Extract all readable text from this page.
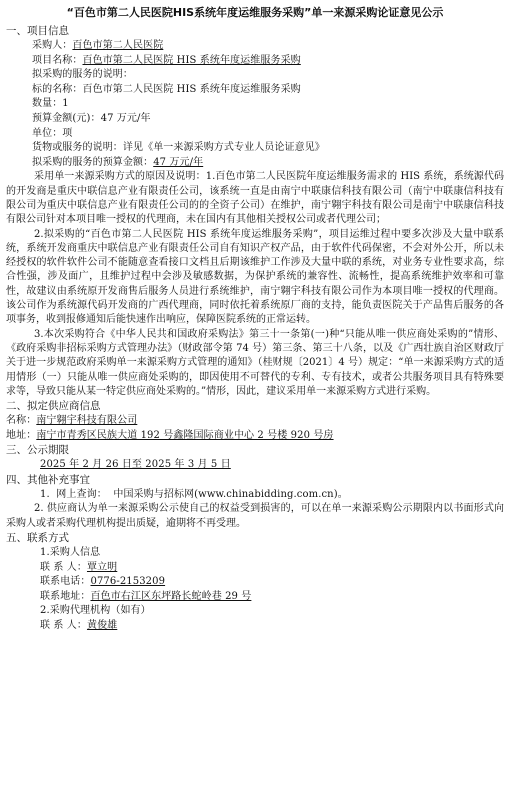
“百色市第二人民医院HIS系统年度运维服务采购”单一来源采购论证意见公示
一、项目信息
采购人：百色市第二人民医院
项目名称：百色市第二人民医院 HIS 系统年度运维服务采购
拟采购的服务的说明：
标的名称：百色市第二人民医院 HIS 系统年度运维服务采购
数量：1
预算金额(元)：47 万元/年
单位：项
货物或服务的说明：详见《单一来源采购方式专业人员论证意见》
拟采购的服务的预算金额：47 万元/年
采用单一来源采购方式的原因及说明：1.百色市第二人民医院年度运维服务需求的 HIS 系统，系统源代码的开发商是重庆中联信息产业有限责任公司，该系统一直是由南宁中联康信科技有限公司（南宁中联康信科技有限公司为重庆中联信息产业有限责任公司的的全资子公司）在维护，南宁翱宇科技有限公司是南宁中联康信科技有限公司针对本项目唯一授权的代理商，未在国内有其他相关授权公司或者代理公司；
2.拟采购的“百色市第二人民医院 HIS 系统年度运维服务采购”，项目运维过程中要多次涉及大量中联系统，系统开发商重庆中联信息产业有限责任公司自有知识产权产品，由于软件代码保密，不会对外公开，所以未经授权的软件软件公司不能随意查看接口文档且后期该维护工作涉及大量中联的系统，对业务专业性要求高，综合性强，涉及面广，且维护过程中会涉及敏感数据，为保护系统的兼容性、流畅性，提高系统维护效率和可靠性，故建议由系统原开发商售后服务人员进行系统维护，南宁翱宇科技有限公司作为本项目唯一授权的代理商。该公司作为系统源代码开发商的广西代理商，同时依托着系统原厂商的支持，能负责医院关于产品售后服务的各项事务，收到报修通知后能快速作出响应，保障医院系统的正常运转。
3.本次采购符合《中华人民共和国政府采购法》第三十一条第(一)种“只能从唯一供应商处采购的”情形、《政府采购非招标采购方式管理办法》（财政部令第 74 号）第三条、第三十八条，以及《广西壮族自治区财政厅关于进一步规范政府采购单一来源采购方式管理的通知》（桂财规〔2021〕4 号）规定：“单一来源采购方式的适用情形（一）只能从唯一供应商处采购的，即因使用不可替代的专利、专有技术，或者公共服务项目具有特殊要求等，导致只能从某一特定供应商处采购的。”情形，因此，建议采用单一来源采购方式进行采购。
二、拟定供应商信息
名称：南宁翱宇科技有限公司
地址：南宁市青秀区民族大道 192 号鑫隆国际商业中心 2 号楼 920 号房
三、公示期限
2025 年 2 月 26 日至 2025 年 3 月 5 日
四、其他补充事宜
1.  网上查询：  中国采购与招标网(www.chinabidding.com.cn)。
2. 供应商认为单一来源采购公示使自己的权益受到损害的，可以在单一来源采购公示期限内以书面形式向采购人或者采购代理机构提出质疑，逾期将不再受理。
五、联系方式
1.采购人信息
联 系 人：覃立明
联系电话：0776-2153209
联系地址：百色市右江区东坪路长蛇岭巷 29 号
2.采购代理机构（如有）
联 系 人：黄俊雄
